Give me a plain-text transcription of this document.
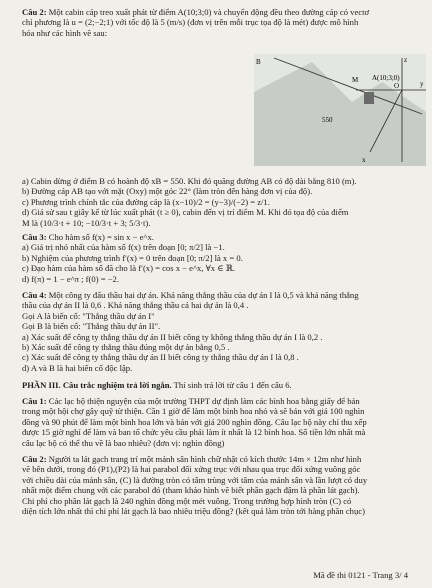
Câu 2: Một cabin cáp treo xuất phát từ điểm A(10;3;0) và chuyển động đều theo đường cáp có vectơ
chỉ phương là u = (2;−2;1) với tốc độ là 5 (m/s) (đơn vị trên mỗi trục tọa độ là mét) được mô hình
hóa như các hình vẽ sau:
B
M A(10;3;0)
O	y
z
x
550
a) Cabin dừng ở điểm B có hoành độ xB = 550. Khi đó quãng đường AB có độ dài bằng 810 (m).
b) Đường cáp AB tạo với mặt (Oxy) một góc 22° (làm tròn đến hàng đơn vị của độ).
c) Phương trình chính tắc của đường cáp là (x−10)/2 = (y−3)/(−2) = z/1.
d) Giả sử sau t giây kể từ lúc xuất phát (t ≥ 0), cabin đến vị trí điểm M. Khi đó tọa độ của điểm
M là (10/3·t + 10; −10/3·t + 3; 5/3·t).
Câu 3: Cho hàm số f(x) = sin x − e^x.
a) Giá trị nhỏ nhất của hàm số f(x) trên đoạn [0; π/2] là −1.
b) Nghiệm của phương trình f′(x) = 0 trên đoạn [0; π/2] là x = 0.
c) Đạo hàm của hàm số đã cho là f′(x) = cos x − e^x, ∀x ∈ ℝ.
d) f(π) = 1 − e^π ; f(0) = −2.
Câu 4: Một công ty đấu thầu hai dự án. Khả năng thắng thầu của dự án I là 0,5 và khả năng thắng
thầu của dự án II là 0,6 . Khả năng thắng thầu cả hai dự án là 0,4 .
Gọi A là biến cố: "Thắng thầu dự án I"
Gọi B là biến cố: "Thắng thầu dự án II".
a) Xác suất để công ty thắng thầu dự án II biết công ty không thắng thầu dự án I là 0,2 .
b) Xác suất để công ty thắng thầu đúng một dự án bằng 0,5 .
c) Xác suất để công ty thắng thầu dự án II biết công ty thắng thầu dự án I là 0,8 .
d) A và B là hai biến cố độc lập.
PHẦN III. Câu trắc nghiệm trả lời ngắn. Thí sinh trả lời từ câu 1 đến câu 6.
Câu 1: Các lạc bộ thiện nguyện của một trường THPT dự định làm các bình hoa bằng giấy để bán
trong một hội chợ gây quỹ từ thiện. Cần 1 giờ để làm một bình hoa nhỏ và sẽ bán với giá 100 nghìn
đồng và 90 phút để làm một bình hoa lớn và bán với giá 200 nghìn đồng. Câu lạc bộ này chỉ thu xếp
được 15 giờ nghỉ để làm và ban tổ chức yêu cầu phải làm ít nhất là 12 bình hoa. Số tiền lớn nhất mà
câu lạc bộ có thể thu về là bao nhiêu? (đơn vị: nghìn đồng)
Câu 2: Người ta lát gạch trang trí một mảnh sân hình chữ nhật có kích thước 14m × 12m như hình
vẽ bên dưới, trong đó (P1),(P2) là hai parabol đối xứng trục với nhau qua trục đối xứng vuông góc
với chiều dài của mảnh sân, (C) là đường tròn có tâm trùng với tâm của mảnh sân và lần lượt có duy
nhất một điểm chung với các parabol đó (tham khảo hình vẽ biết phần gạch đậm là phần lát gạch).
Chi phí cho phần lát gạch là 240 nghìn đồng một mét vuông. Trong trường hợp hình tròn (C) có
diện tích lớn nhất thì chi phí lát gạch là bao nhiêu triệu đồng? (kết quả làm tròn tới hàng phần chục)
Mã đề thi 0121 - Trang 3/ 4
